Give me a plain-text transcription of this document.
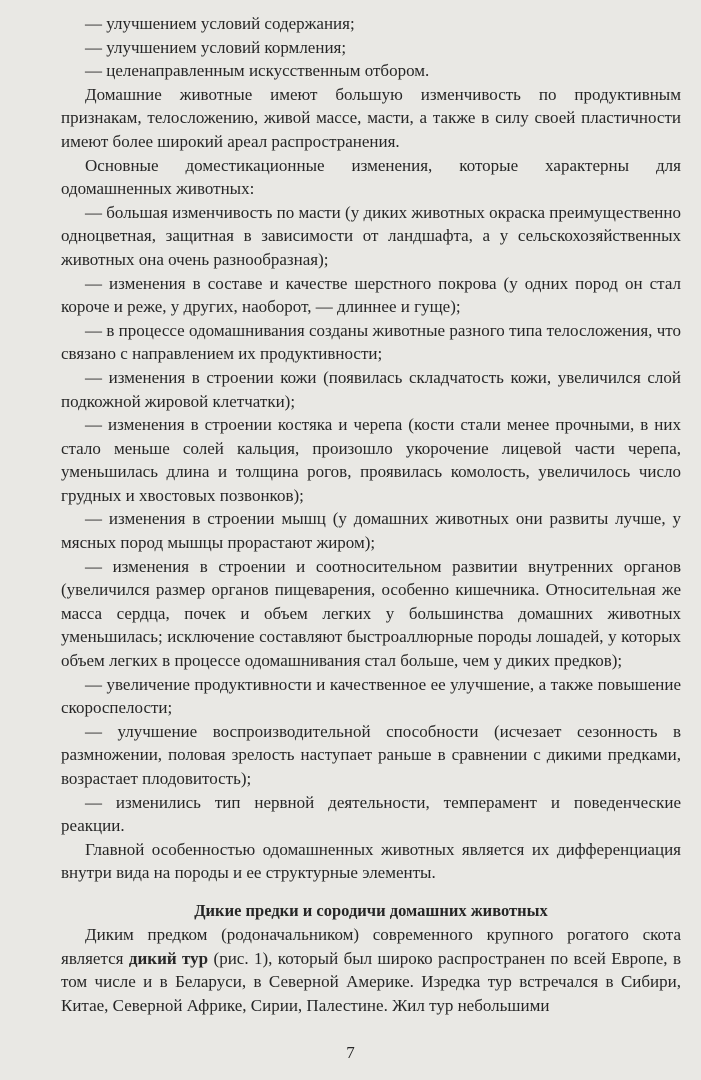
— улучшением условий содержания;

— улучшением условий кормления;

— целенаправленным искусственным отбором.

Домашние животные имеют большую изменчивость по продуктивным признакам, телосложению, живой массе, масти, а также в силу своей пластичности имеют более широкий ареал распространения.

Основные доместикационные изменения, которые характерны для одомашненных животных:

— большая изменчивость по масти (у диких животных окраска преимущественно одноцветная, защитная в зависимости от ландшафта, а у сельскохозяйственных животных она очень разнообразная);

— изменения в составе и качестве шерстного покрова (у одних пород он стал короче и реже, у других, наоборот, — длиннее и гуще);

— в процессе одомашнивания созданы животные разного типа телосложения, что связано с направлением их продуктивности;

— изменения в строении кожи (появилась складчатость кожи, увеличился слой подкожной жировой клетчатки);

— изменения в строении костяка и черепа (кости стали менее прочными, в них стало меньше солей кальция, произошло укорочение лицевой части черепа, уменьшилась длина и толщина рогов, проявилась комолость, увеличилось число грудных и хвостовых позвонков);

— изменения в строении мышц (у домашних животных они развиты лучше, у мясных пород мышцы прорастают жиром);

— изменения в строении и соотносительном развитии внутренних органов (увеличился размер органов пищеварения, особенно кишечника. Относительная же масса сердца, почек и объем легких у большинства домашних животных уменьшилась; исключение составляют быстроаллюрные породы лошадей, у которых объем легких в процессе одомашнивания стал больше, чем у диких предков);

— увеличение продуктивности и качественное ее улучшение, а также повышение скороспелости;

— улучшение воспроизводительной способности (исчезает сезонность в размножении, половая зрелость наступает раньше в сравнении с дикими предками, возрастает плодовитость);

— изменились тип нервной деятельности, темперамент и поведенческие реакции.

Главной особенностью одомашненных животных является их дифференциация внутри вида на породы и ее структурные элементы.

Дикие предки и сородичи домашних животных

Диким предком (родоначальником) современного крупного рогатого скота является дикий тур (рис. 1), который был широко распространен по всей Европе, в том числе и в Беларуси, в Северной Америке. Изредка тур встречался в Сибири, Китае, Северной Африке, Сирии, Палестине. Жил тур небольшими

7
